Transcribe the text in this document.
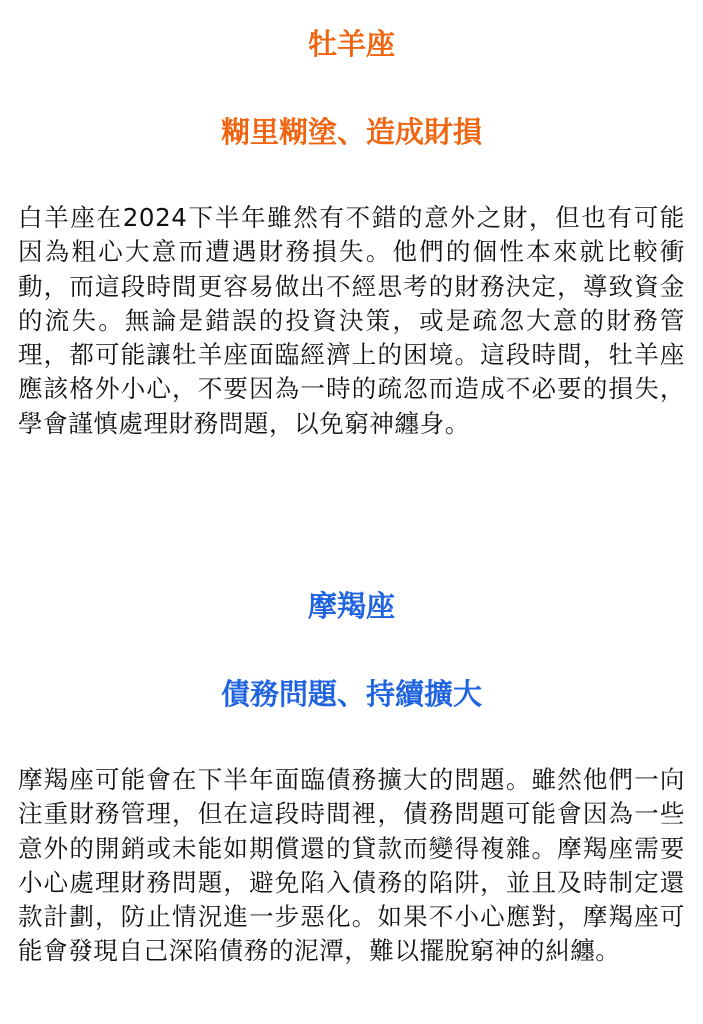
牡羊座
糊里糊塗、造成財損

白羊座在2024下半年雖然有不錯的意外之財，但也有可能因為粗心大意而遭遇財務損失。他們的個性本來就比較衝動，而這段時間更容易做出不經思考的財務決定，導致資金的流失。無論是錯誤的投資決策，或是疏忽大意的財務管理，都可能讓牡羊座面臨經濟上的困境。這段時間，牡羊座應該格外小心，不要因為一時的疏忽而造成不必要的損失，學會謹慎處理財務問題，以免窮神纏身。

摩羯座
債務問題、持續擴大

摩羯座可能會在下半年面臨債務擴大的問題。雖然他們一向注重財務管理，但在這段時間裡，債務問題可能會因為一些意外的開銷或未能如期償還的貸款而變得複雜。摩羯座需要小心處理財務問題，避免陷入債務的陷阱，並且及時制定還款計劃，防止情況進一步惡化。如果不小心應對，摩羯座可能會發現自己深陷債務的泥潭，難以擺脫窮神的糾纏。
